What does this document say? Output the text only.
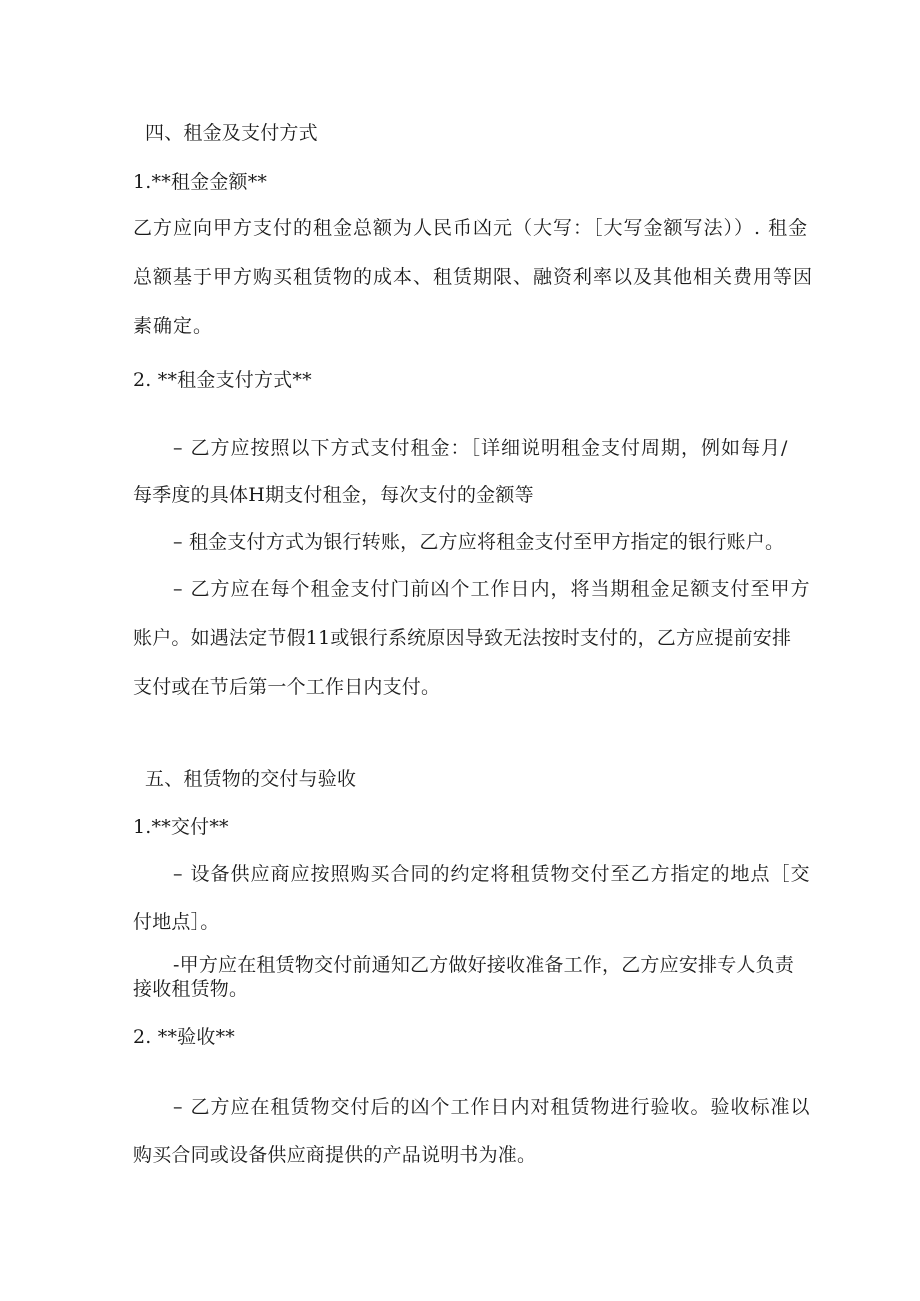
四、租金及支付方式
1.**租金金额**
乙方应向甲方支付的租金总额为人民币凶元（大写：［大写金额写法））. 租金
总额基于甲方购买租赁物的成本、租赁期限、融资利率以及其他相关费用等因
素确定。
2. **租金支付方式**
– 乙方应按照以下方式支付租金：［详细说明租金支付周期，例如每月/
每季度的具体H期支付租金，每次支付的金额等
– 租金支付方式为银行转账，乙方应将租金支付至甲方指定的银行账户。
– 乙方应在每个租金支付门前凶个工作日内，将当期租金足额支付至甲方
账户。如遇法定节假11或银行系统原因导致无法按时支付的，乙方应提前安排
支付或在节后第一个工作日内支付。
五、租赁物的交付与验收
1.**交付**
– 设备供应商应按照购买合同的约定将租赁物交付至乙方指定的地点［交
付地点］。
-甲方应在租赁物交付前通知乙方做好接收准备工作，乙方应安排专人负责
接收租赁物。
2. **验收**
– 乙方应在租赁物交付后的凶个工作日内对租赁物进行验收。验收标准以
购买合同或设备供应商提供的产品说明书为准。
